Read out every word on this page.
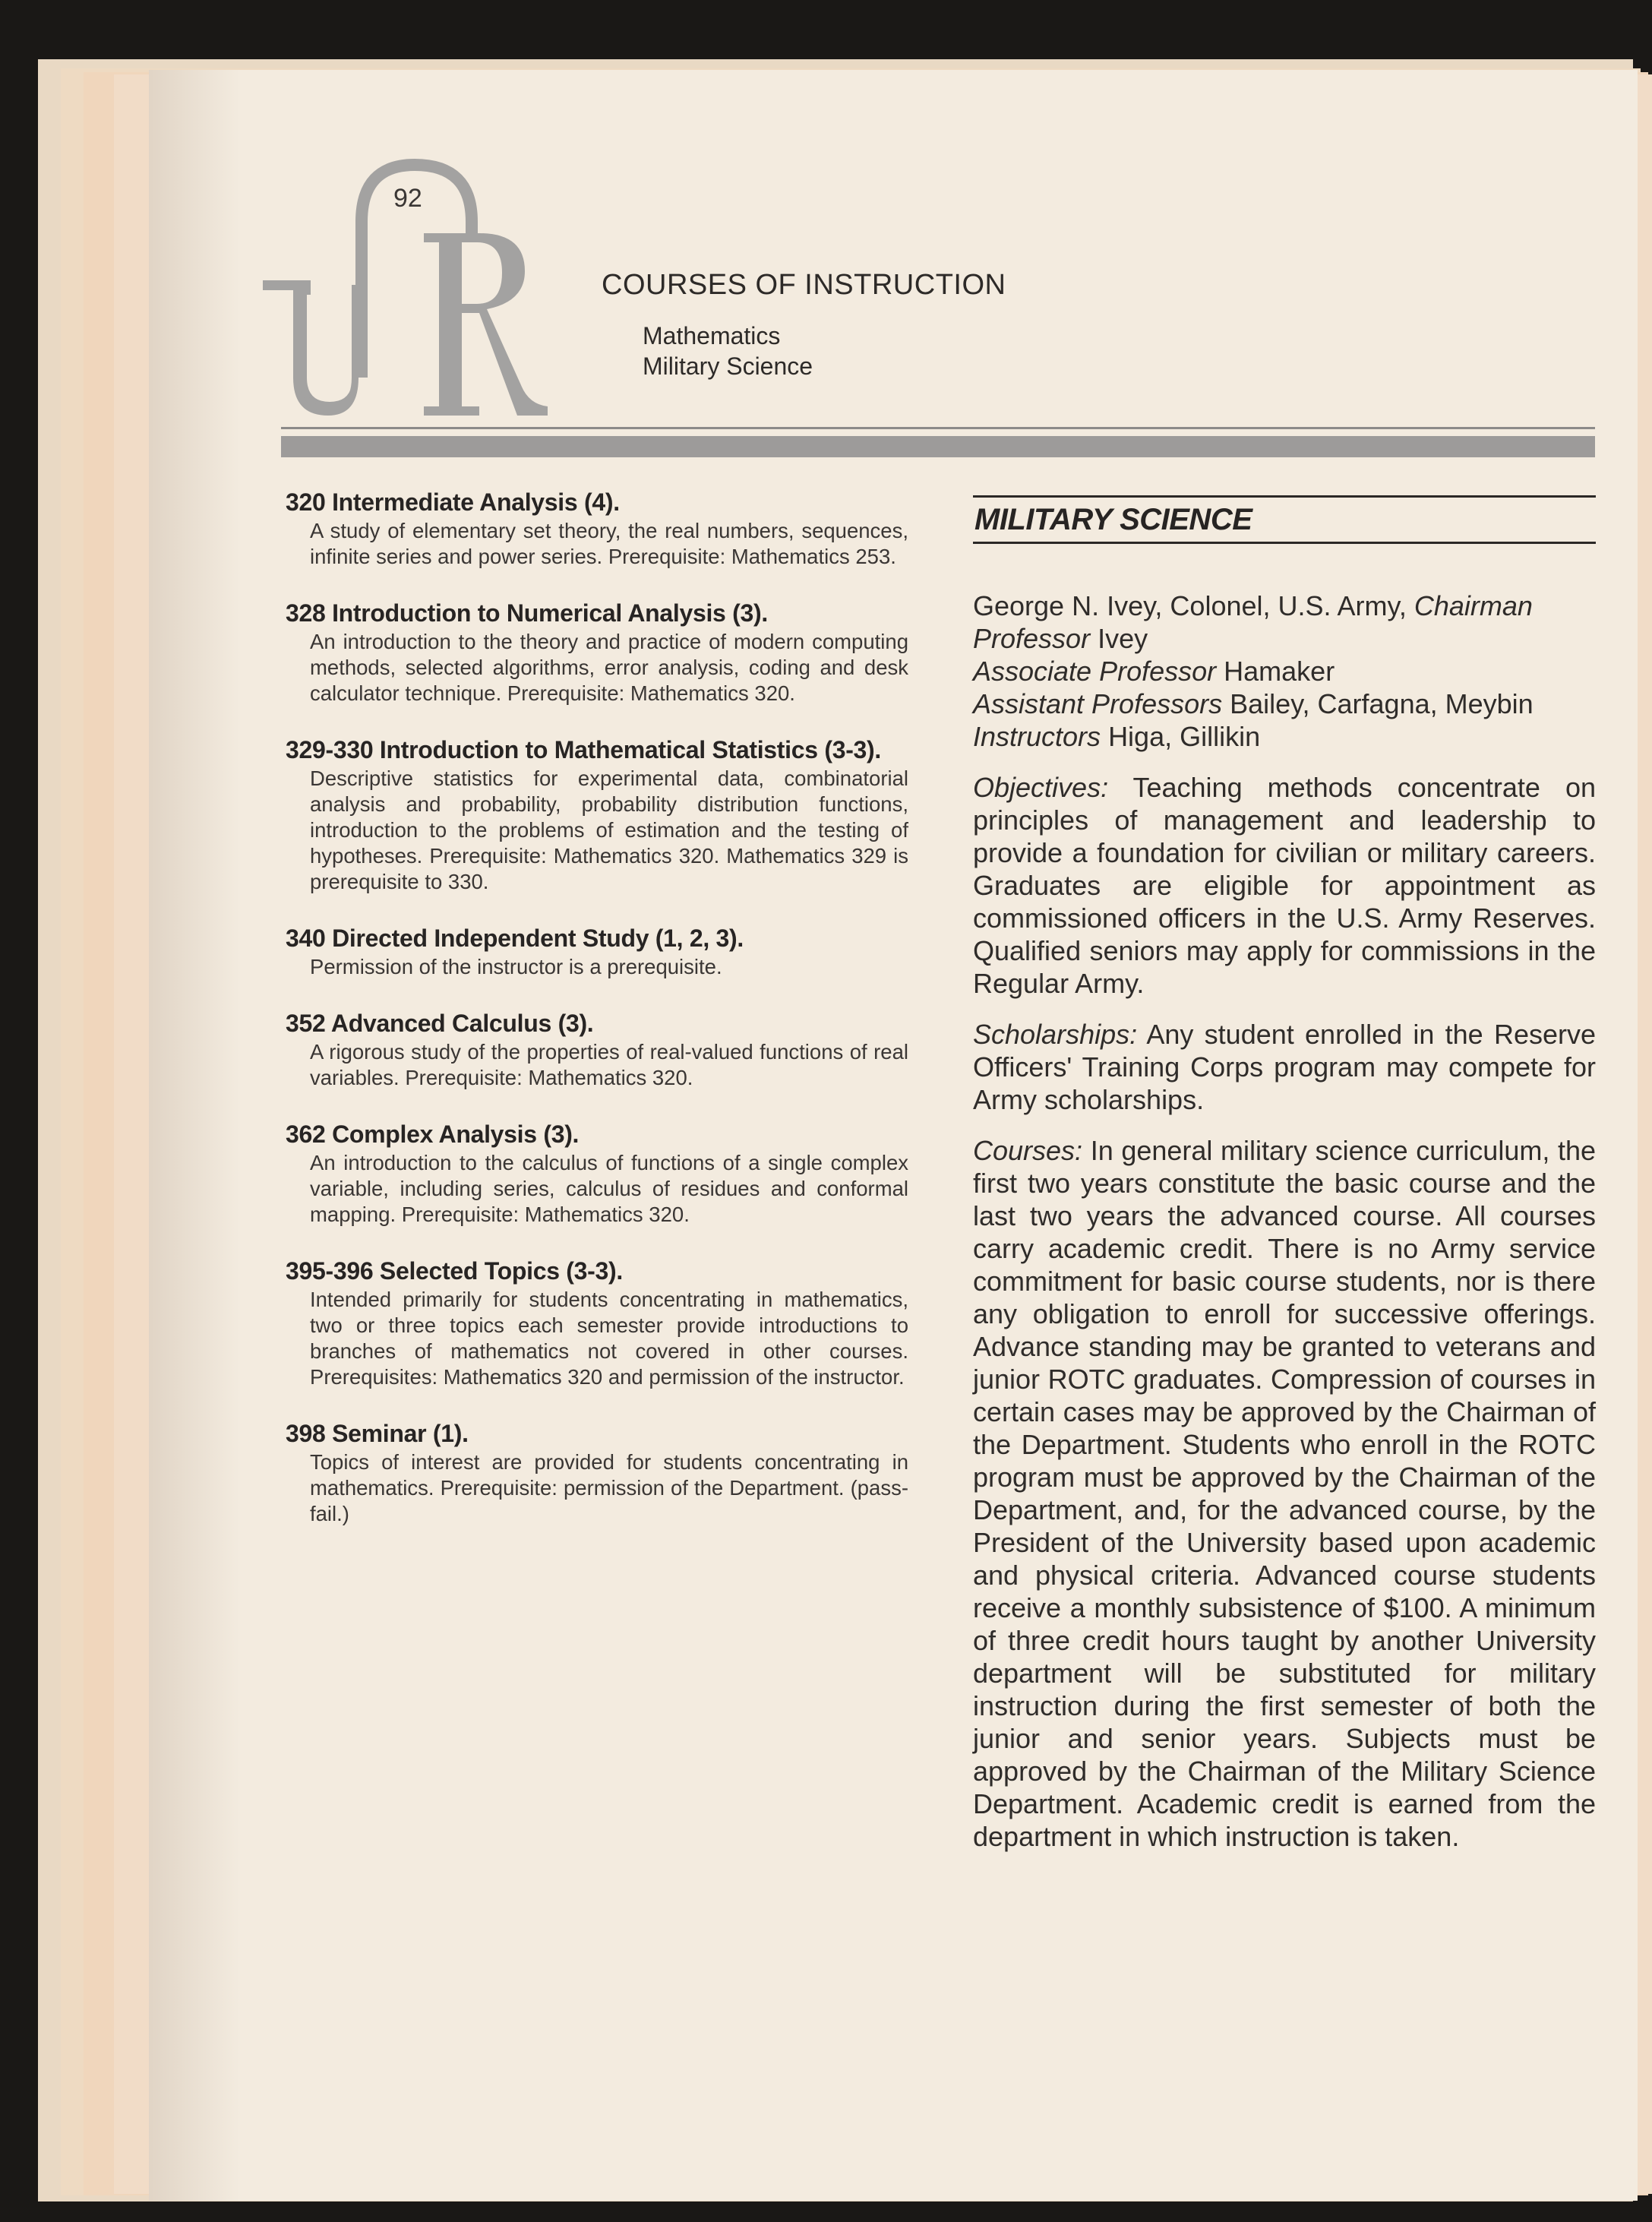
92
COURSES OF INSTRUCTION
Mathematics
Military Science
320 Intermediate Analysis (4).
A study of elementary set theory, the real numbers, sequences, infinite series and power series. Prerequisite: Mathematics 253.
328 Introduction to Numerical Analysis (3).
An introduction to the theory and practice of modern computing methods, selected algorithms, error analysis, coding and desk calculator technique. Prerequisite: Mathematics 320.
329-330 Introduction to Mathematical Statistics (3-3).
Descriptive statistics for experimental data, combinatorial analysis and probability, probability distribution functions, introduction to the problems of estimation and the testing of hypotheses. Prerequisite: Mathematics 320. Mathematics 329 is prerequisite to 330.
340 Directed Independent Study (1, 2, 3).
Permission of the instructor is a prerequisite.
352 Advanced Calculus (3).
A rigorous study of the properties of real-valued functions of real variables. Prerequisite: Mathematics 320.
362 Complex Analysis (3).
An introduction to the calculus of functions of a single complex variable, including series, calculus of residues and conformal mapping. Prerequisite: Mathematics 320.
395-396 Selected Topics (3-3).
Intended primarily for students concentrating in mathematics, two or three topics each semester provide introductions to branches of mathematics not covered in other courses. Prerequisites: Mathematics 320 and permission of the instructor.
398 Seminar (1).
Topics of interest are provided for students concentrating in mathematics. Prerequisite: permission of the Department. (pass-fail.)
MILITARY SCIENCE
George N. Ivey, Colonel, U.S. Army, Chairman
Professor Ivey
Associate Professor Hamaker
Assistant Professors Bailey, Carfagna, Meybin
Instructors Higa, Gillikin
Objectives: Teaching methods concentrate on principles of management and leadership to provide a foundation for civilian or military careers. Graduates are eligible for appointment as commissioned officers in the U.S. Army Reserves. Qualified seniors may apply for commissions in the Regular Army.
Scholarships: Any student enrolled in the Reserve Officers' Training Corps program may compete for Army scholarships.
Courses: In general military science curriculum, the first two years constitute the basic course and the last two years the advanced course. All courses carry academic credit. There is no Army service commitment for basic course students, nor is there any obligation to enroll for successive offerings. Advance standing may be granted to veterans and junior ROTC graduates. Compression of courses in certain cases may be approved by the Chairman of the Department. Students who enroll in the ROTC program must be approved by the Chairman of the Department, and, for the advanced course, by the President of the University based upon academic and physical criteria. Advanced course students receive a monthly subsistence of $100. A minimum of three credit hours taught by another University department will be substituted for military instruction during the first semester of both the junior and senior years. Subjects must be approved by the Chairman of the Military Science Department. Academic credit is earned from the department in which instruction is taken.
